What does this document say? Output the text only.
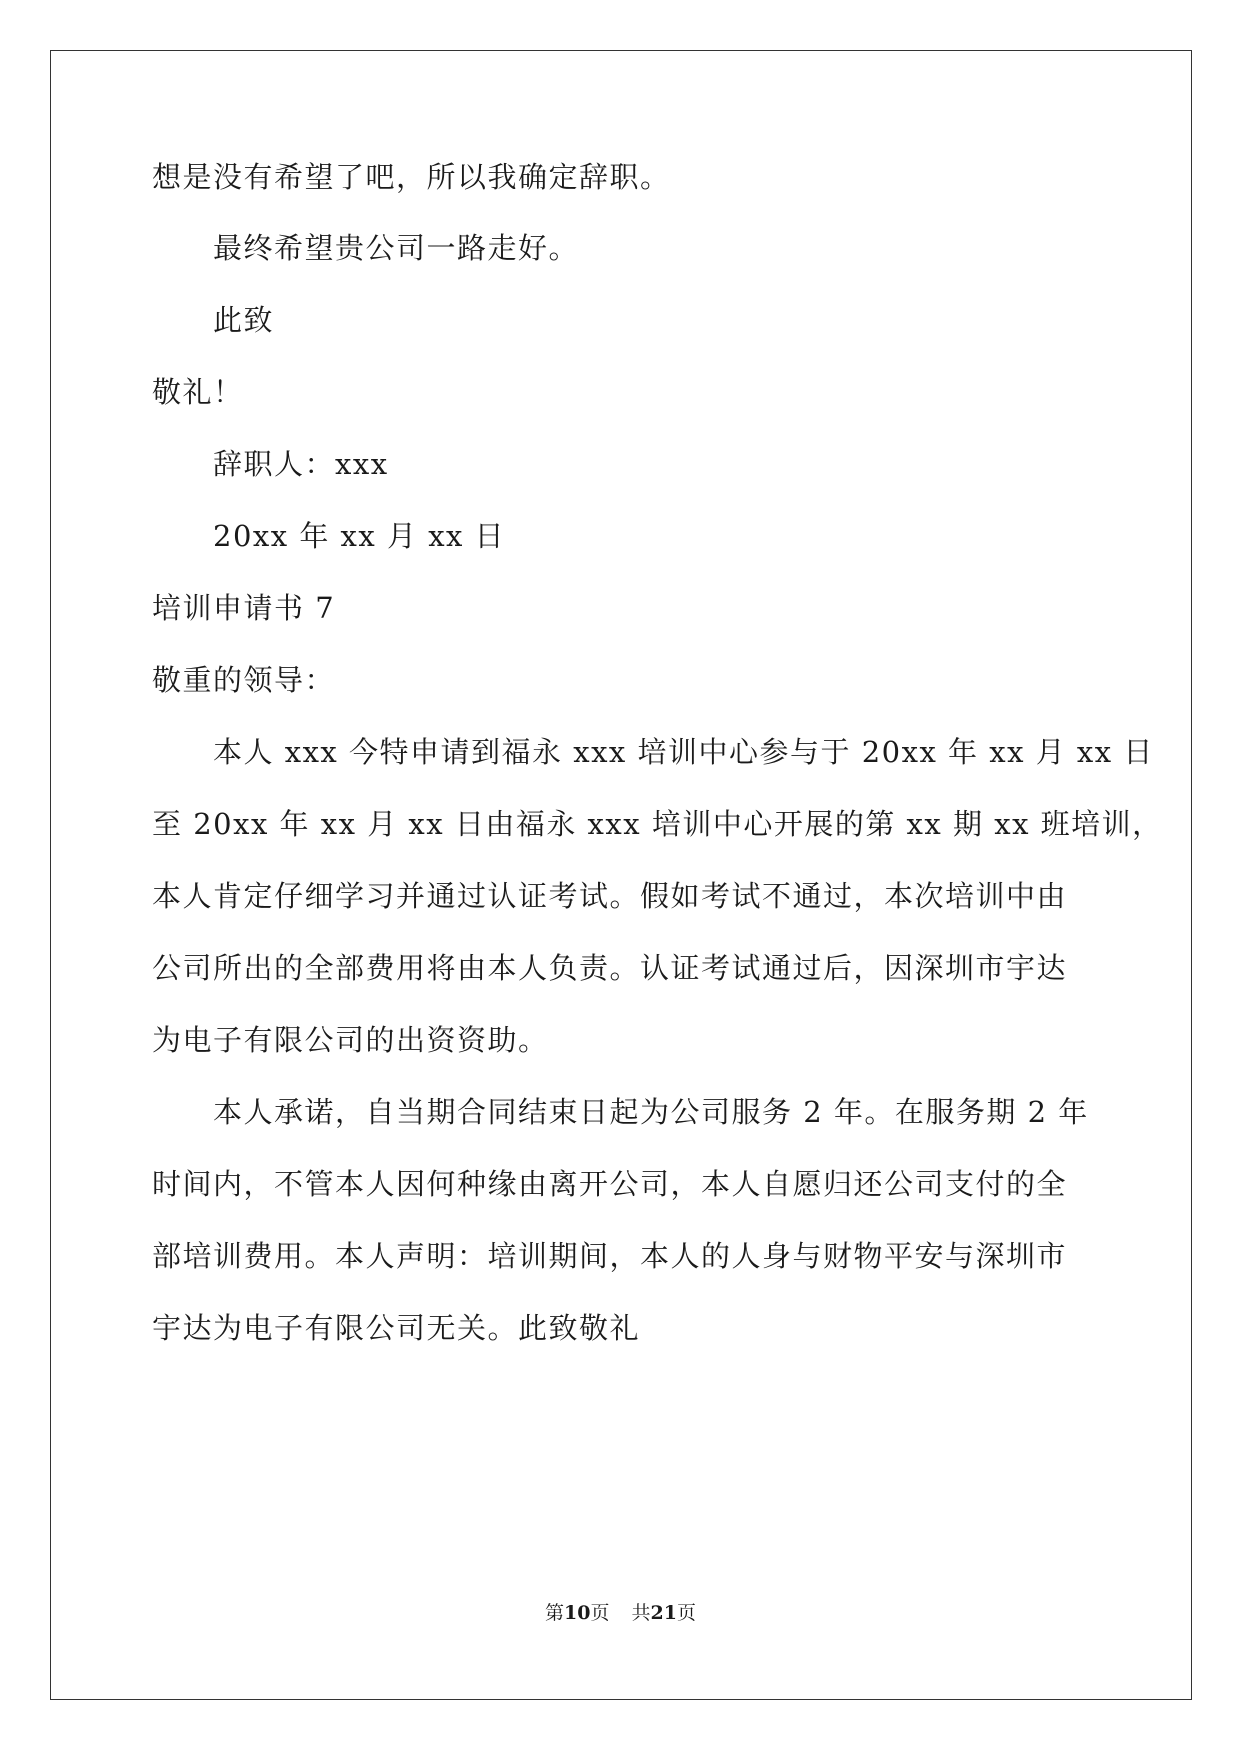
想是没有希望了吧，所以我确定辞职。
最终希望贵公司一路走好。
此致
敬礼！
辞职人：xxx
20xx 年 xx 月 xx 日
培训申请书 7
敬重的领导：
本人 xxx 今特申请到福永 xxx 培训中心参与于 20xx 年 xx 月 xx 日
至 20xx 年 xx 月 xx 日由福永 xxx 培训中心开展的第 xx 期 xx 班培训，
本人肯定仔细学习并通过认证考试。假如考试不通过，本次培训中由
公司所出的全部费用将由本人负责。认证考试通过后，因深圳市宇达
为电子有限公司的出资资助。
本人承诺，自当期合同结束日起为公司服务 2 年。在服务期 2 年
时间内，不管本人因何种缘由离开公司，本人自愿归还公司支付的全
部培训费用。本人声明：培训期间，本人的人身与财物平安与深圳市
宇达为电子有限公司无关。此致敬礼
第10页 共21页
